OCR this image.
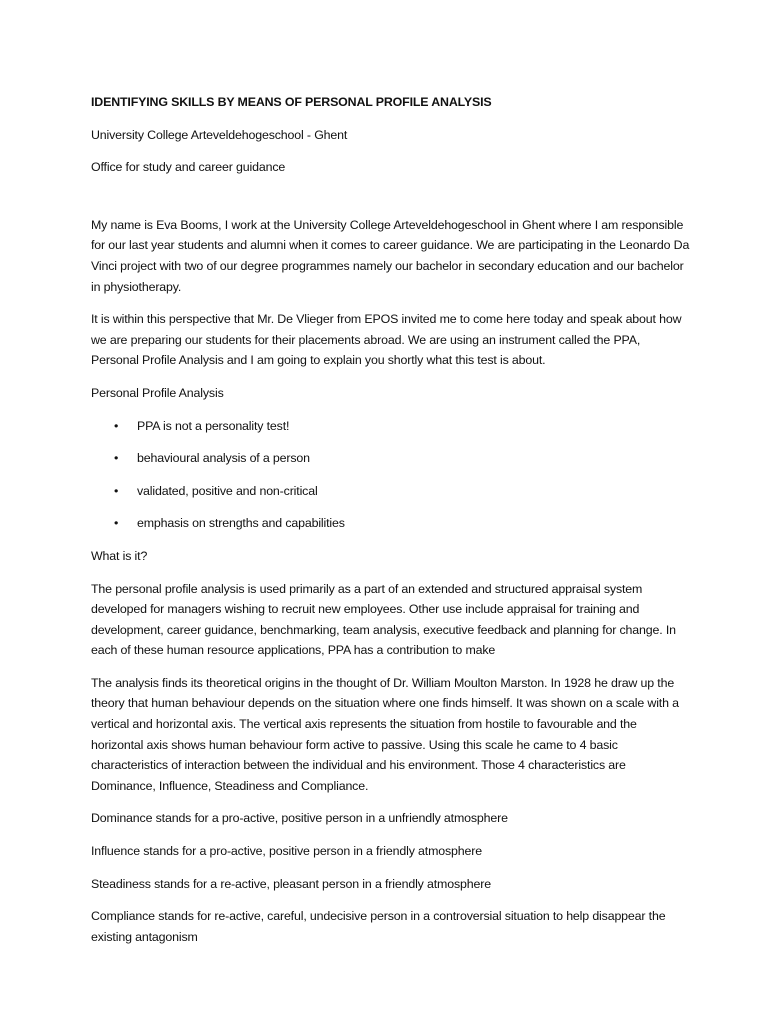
IDENTIFYING SKILLS BY MEANS OF PERSONAL PROFILE ANALYSIS

University College Arteveldehogeschool - Ghent

Office for study and career guidance

My name is Eva Booms, I work at the University College Arteveldehogeschool in Ghent where I am responsible for our last year students and alumni when it comes to career guidance. We are participating in the Leonardo Da Vinci project with two of our degree programmes namely our bachelor in secondary education and our bachelor in physiotherapy.

It is within this perspective that Mr. De Vlieger from EPOS invited me to come here today and speak about how we are preparing our students for their placements abroad. We are using an instrument called the PPA, Personal Profile Analysis and I am going to explain you shortly what this test is about.

Personal Profile Analysis

• PPA is not a personality test!
• behavioural analysis of a person
• validated, positive and non-critical
• emphasis on strengths and capabilities

What is it?

The personal profile analysis is used primarily as a part of an extended and structured appraisal system developed for managers wishing to recruit new employees. Other use include appraisal for training and development, career guidance, benchmarking, team analysis, executive feedback and planning for change. In each of these human resource applications, PPA has a contribution to make

The analysis finds its theoretical origins in the thought of Dr. William Moulton Marston. In 1928 he draw up the theory that human behaviour depends on the situation where one finds himself. It was shown on a scale with a vertical and horizontal axis. The vertical axis represents the situation from hostile to favourable and the horizontal axis shows human behaviour form active to passive. Using this scale he came to 4 basic characteristics of interaction between the individual and his environment. Those 4 characteristics are Dominance, Influence, Steadiness and Compliance.

Dominance stands for a pro-active, positive person in a unfriendly atmosphere

Influence stands for a pro-active, positive person in a friendly atmosphere

Steadiness stands for a re-active, pleasant person in a friendly atmosphere

Compliance stands for re-active, careful, undecisive person in a controversial situation to help disappear the existing antagonism
